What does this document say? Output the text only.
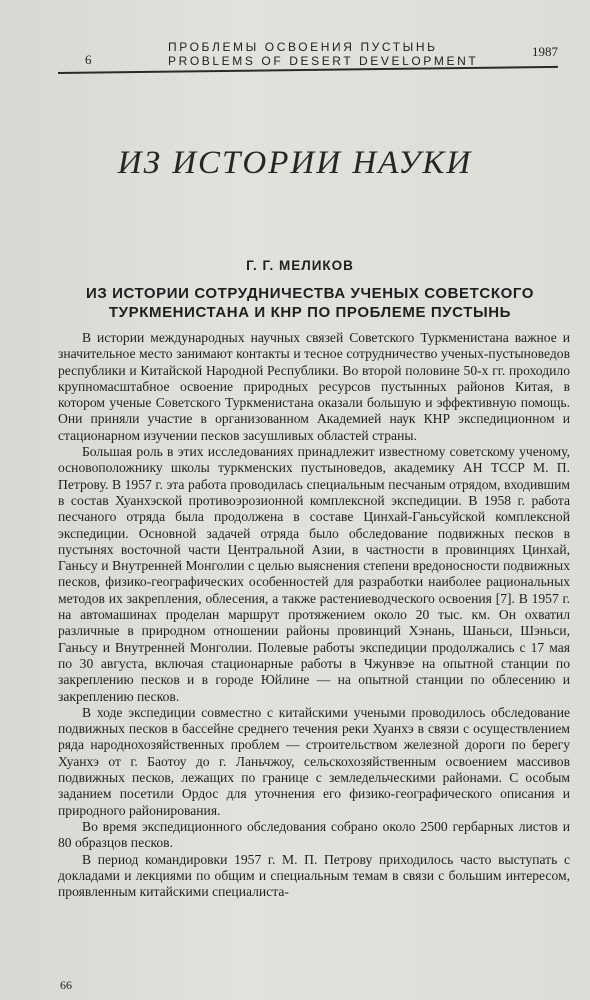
6
ПРОБЛЕМЫ ОСВОЕНИЯ ПУСТЫНЬ
PROBLEMS OF DESERT DEVELOPMENT
1987
ИЗ ИСТОРИИ НАУКИ
Г. Г. МЕЛИКОВ
ИЗ ИСТОРИИ СОТРУДНИЧЕСТВА УЧЕНЫХ СОВЕТСКОГО ТУРКМЕНИСТАНА И КНР ПО ПРОБЛЕМЕ ПУСТЫНЬ

В истории международных научных связей Советского Туркменистана важное и значительное место занимают контакты и тесное сотрудничество ученых-пустыноведов республики и Китайской Народной Республики. Во второй половине 50-х гг. проходило крупномасштабное освоение природных ресурсов пустынных районов Китая, в котором ученые Советского Туркменистана оказали большую и эффективную помощь. Они приняли участие в организованном Академией наук КНР экспедиционном и стационарном изучении песков засушливых областей страны.

Большая роль в этих исследованиях принадлежит известному советскому ученому, основоположнику школы туркменских пустыноведов, академику АН ТССР М. П. Петрову. В 1957 г. эта работа проводилась специальным песчаным отрядом, входившим в состав Хуанхэской противоэрозионной комплексной экспедиции. В 1958 г. работа песчаного отряда была продолжена в составе Цинхай-Ганьсуйской комплексной экспедиции. Основной задачей отряда было обследование подвижных песков в пустынях восточной части Центральной Азии, в частности в провинциях Цинхай, Ганьсу и Внутренней Монголии с целью выяснения степени вредоносности подвижных песков, физико-географических особенностей для разработки наиболее рациональных методов их закрепления, облесения, а также растениеводческого освоения [7]. В 1957 г. на автомашинах проделан маршрут протяжением около 20 тыс. км. Он охватил различные в природном отношении районы провинций Хэнань, Шаньси, Шэньси, Ганьсу и Внутренней Монголии. Полевые работы экспедиции продолжались с 17 мая по 30 августа, включая стационарные работы в Чжунвэе на опытной станции по закреплению песков и в городе Юйлине — на опытной станции по облесению и закреплению песков.

В ходе экспедиции совместно с китайскими учеными проводилось обследование подвижных песков в бассейне среднего течения реки Хуанхэ в связи с осуществлением ряда народнохозяйственных проблем — строительством железной дороги по берегу Хуанхэ от г. Баотоу до г. Ланьчжоу, сельскохозяйственным освоением массивов подвижных песков, лежащих по границе с земледельческими районами. С особым заданием посетили Ордос для уточнения его физико-географического описания и природного районирования.

Во время экспедиционного обследования собрано около 2500 гербарных листов и 80 образцов песков.

В период командировки 1957 г. М. П. Петрову приходилось часто выступать с докладами и лекциями по общим и специальным темам в связи с большим интересом, проявленным китайскими специалиста-

66
